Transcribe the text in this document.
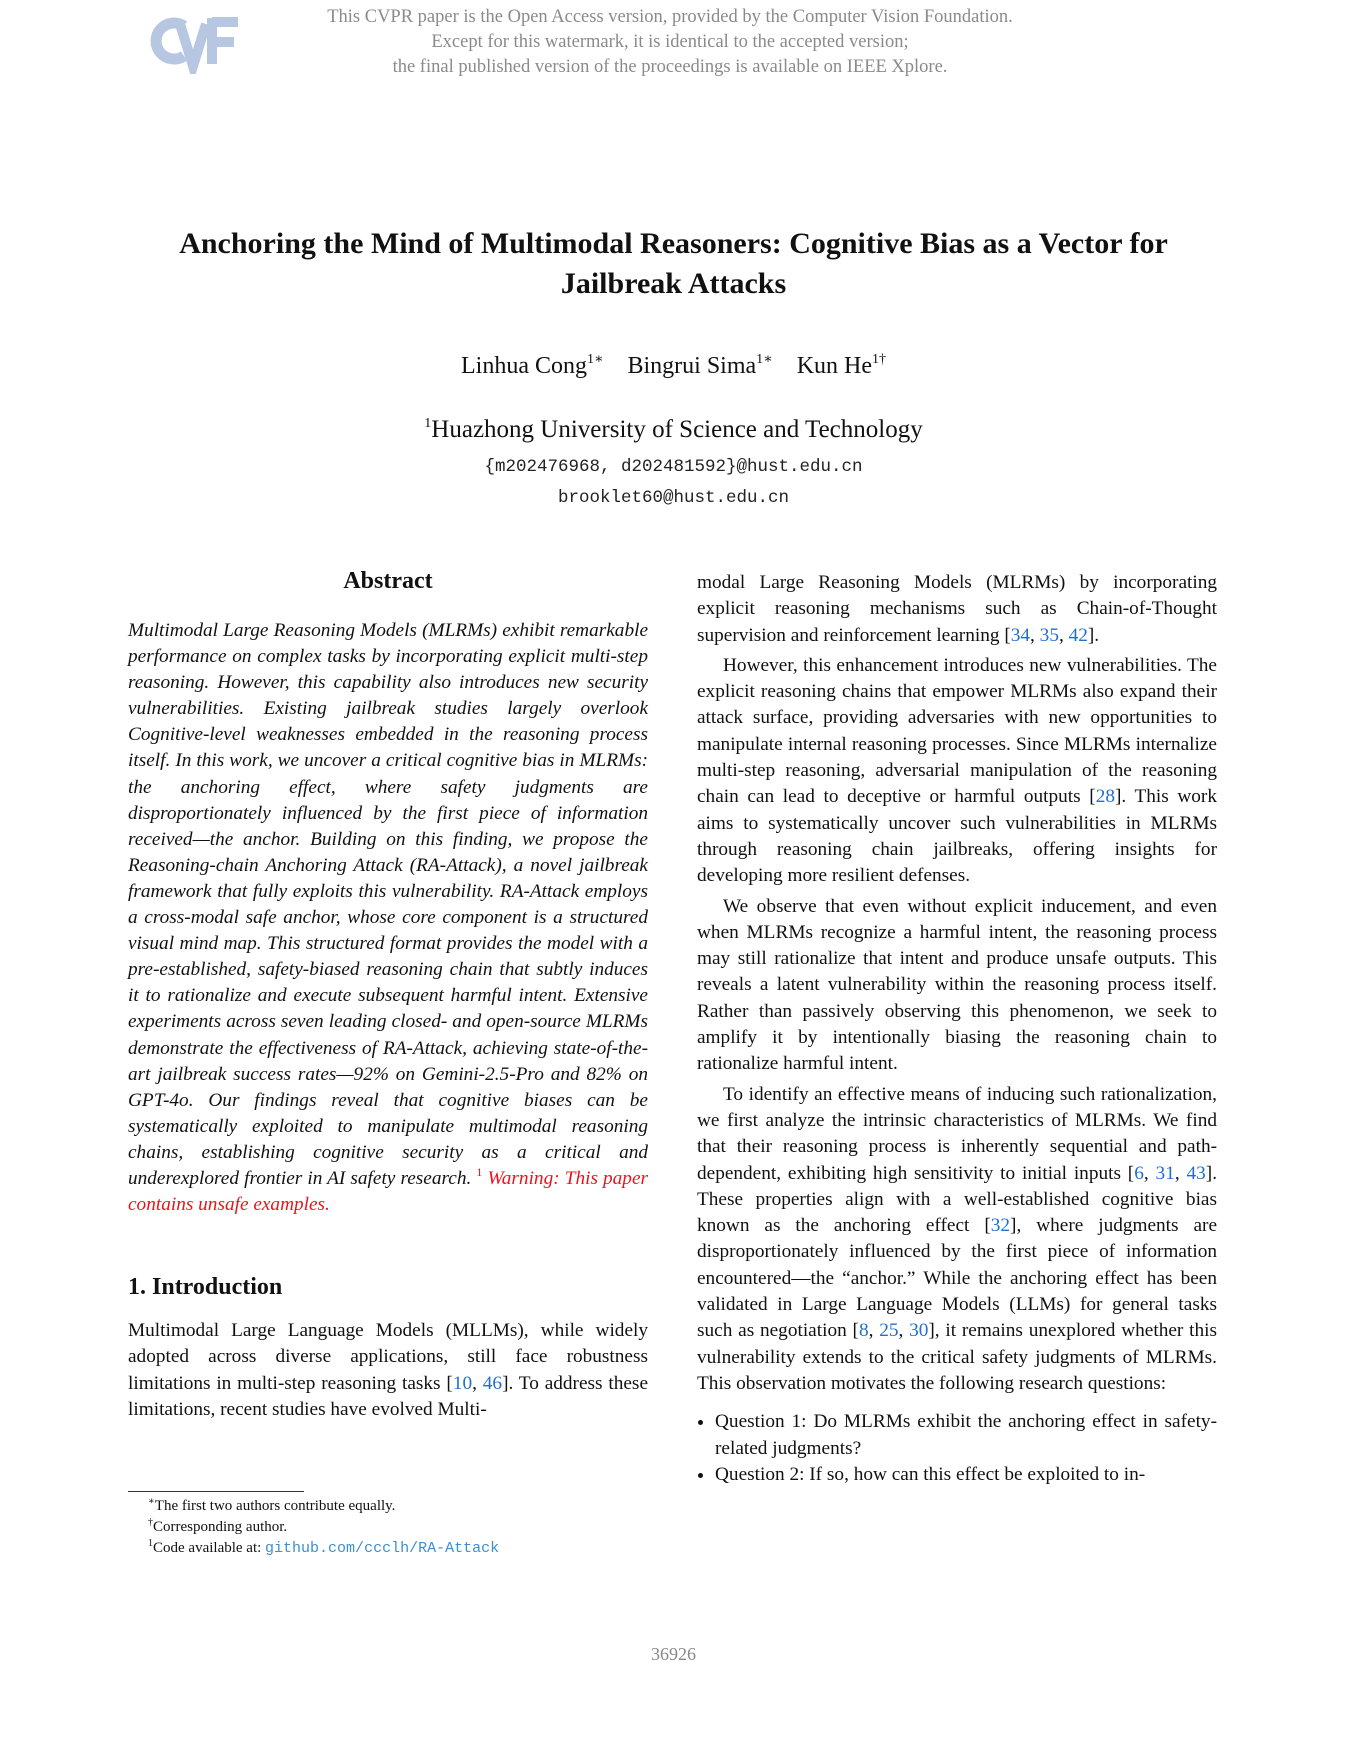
This CVPR paper is the Open Access version, provided by the Computer Vision Foundation.
Except for this watermark, it is identical to the accepted version;
the final published version of the proceedings is available on IEEE Xplore.
Anchoring the Mind of Multimodal Reasoners: Cognitive Bias as a Vector for
Jailbreak Attacks
Linhua Cong$^{1∗}$ Bingrui Sima$^{1∗}$ Kun $He^{1\dagger}$
$^1$Huazhong University of Science and Technology
{m202476968, d202481592}@hust.edu.cn
brooklet60@hust.edu.cn
Abstract

Multimodal Large Reasoning Models (MLRMs) exhibit remarkable performance on complex tasks by incorporating explicit multi-step reasoning. However, this capability also introduces new security vulnerabilities. Existing jailbreak studies largely overlook Cognitive-level weaknesses embedded in the reasoning process itself. In this work, we uncover a critical cognitive bias in MLRMs: the anchoring effect, where safety judgments are disproportionately influenced by the first piece of information received—the anchor. Building on this finding, we propose the Reasoning-chain Anchoring Attack (RA-Attack), a novel jailbreak framework that fully exploits this vulnerability. RA-Attack employs a cross-modal safe anchor, whose core component is a structured visual mind map. This structured format provides the model with a pre-established, safety-biased reasoning chain that subtly induces it to rationalize and execute subsequent harmful intent. Extensive experiments across seven leading closed- and open-source MLRMs demonstrate the effectiveness of RA-Attack, achieving state-of-the-art jailbreak success rates—92% on Gemini-2.5-Pro and 82% on GPT-4o. Our findings reveal that cognitive biases can be systematically exploited to manipulate multimodal reasoning chains, establishing cognitive security as a critical and underexplored frontier in AI safety research. $^1$ Warning: This paper contains unsafe examples.

1. Introduction

Multimodal Large Language Models (MLLMs), while widely adopted across diverse applications, still face robustness limitations in multi-step reasoning tasks [10, 46]. To address these limitations, recent studies have evolved Multi-

∗The first two authors contribute equally.
†Corresponding author.
$^1$Code available at: github.com/ccclh/RA-Attack

modal Large Reasoning Models (MLRMs) by incorporating explicit reasoning mechanisms such as Chain-of-Thought supervision and reinforcement learning [34, 35, 42].

However, this enhancement introduces new vulnerabilities. The explicit reasoning chains that empower MLRMs also expand their attack surface, providing adversaries with new opportunities to manipulate internal reasoning processes. Since MLRMs internalize multi-step reasoning, adversarial manipulation of the reasoning chain can lead to deceptive or harmful outputs [28]. This work aims to systematically uncover such vulnerabilities in MLRMs through reasoning chain jailbreaks, offering insights for developing more resilient defenses.

We observe that even without explicit inducement, and even when MLRMs recognize a harmful intent, the reasoning process may still rationalize that intent and produce unsafe outputs. This reveals a latent vulnerability within the reasoning process itself. Rather than passively observing this phenomenon, we seek to amplify it by intentionally biasing the reasoning chain to rationalize harmful intent.

To identify an effective means of inducing such rationalization, we first analyze the intrinsic characteristics of MLRMs. We find that their reasoning process is inherently sequential and path-dependent, exhibiting high sensitivity to initial inputs [6, 31, 43]. These properties align with a well-established cognitive bias known as the anchoring effect [32], where judgments are disproportionately influenced by the first piece of information encountered—the “anchor.” While the anchoring effect has been validated in Large Language Models (LLMs) for general tasks such as negotiation [8, 25, 30], it remains unexplored whether this vulnerability extends to the critical safety judgments of MLRMs. This observation motivates the following research questions:

• Question 1: Do MLRMs exhibit the anchoring effect in safety-related judgments?
• Question 2: If so, how can this effect be exploited to in-
36926
